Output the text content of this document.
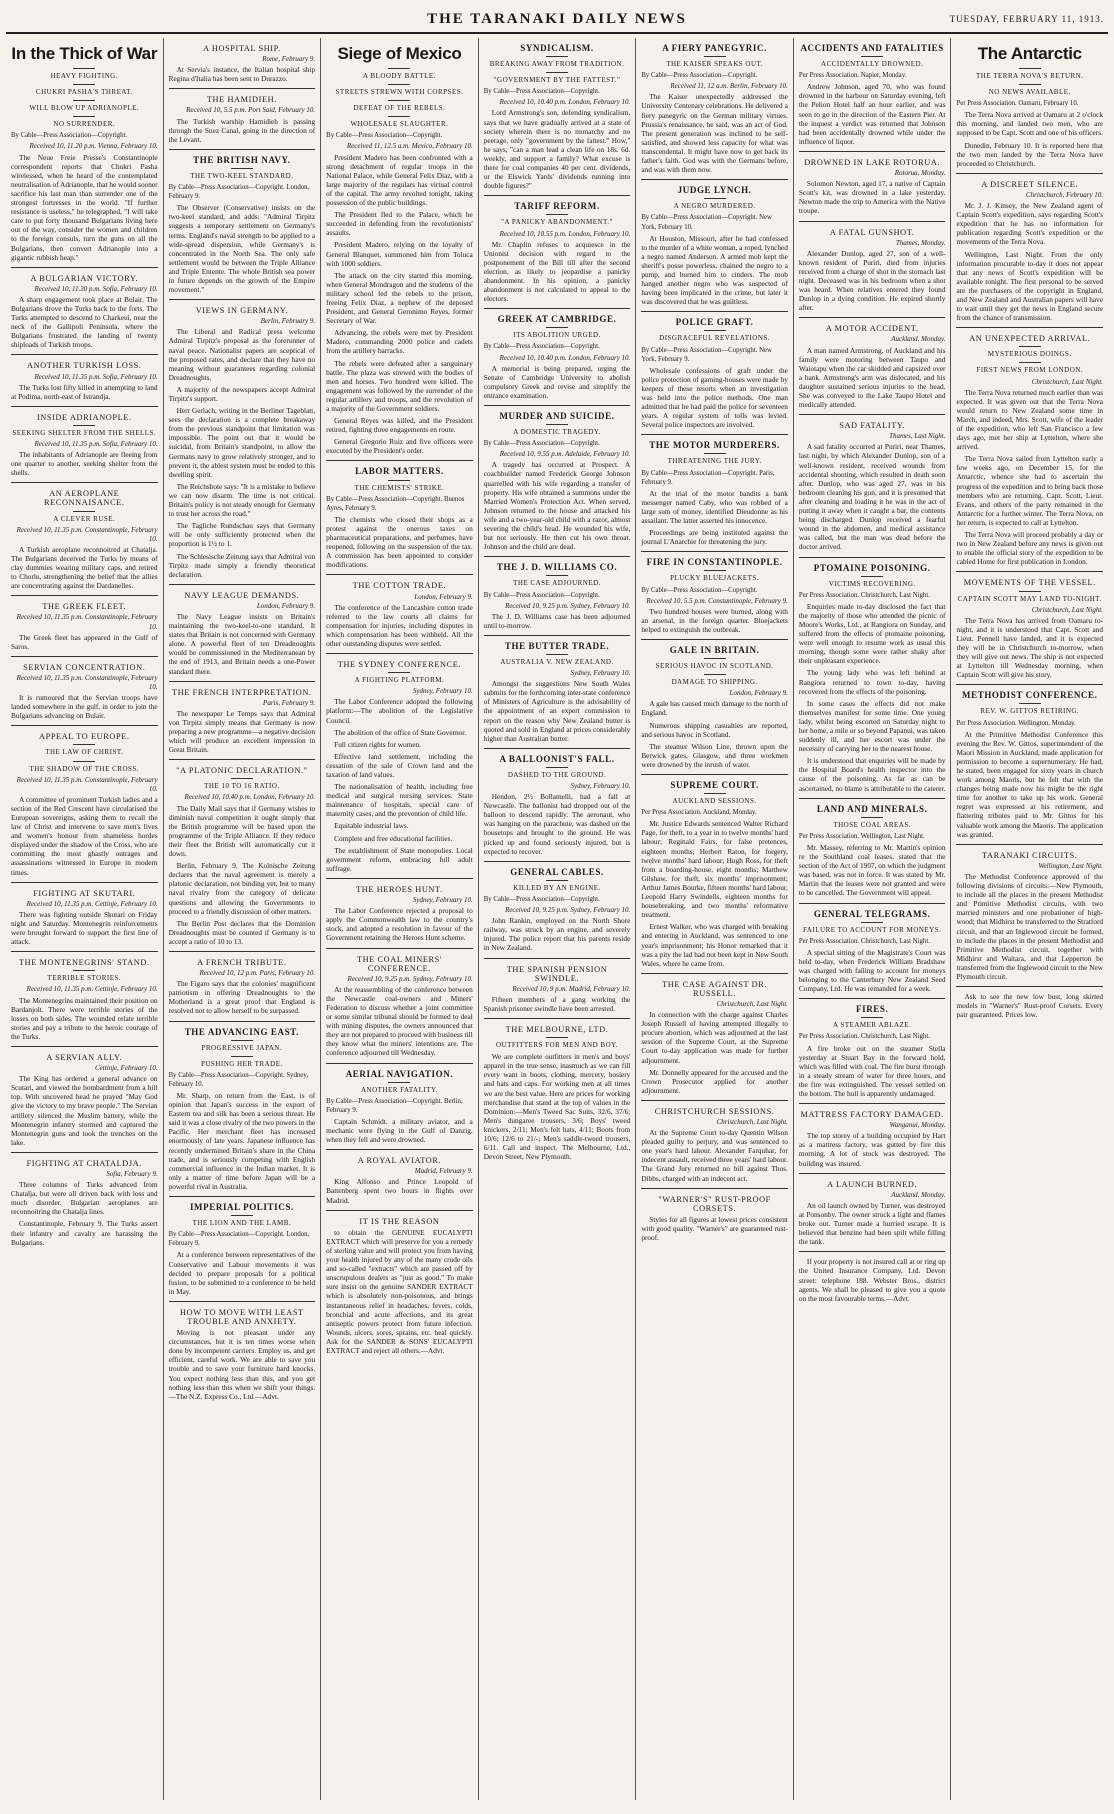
THE TARANAKI DAILY NEWS	TUESDAY, FEBRUARY 11, 1913.
In the Thick of War
HEAVY FIGHTING.
CHUKRI PASHA'S THREAT.
WILL BLOW UP ADRIANOPLE.
NO SURRENDER.
By Cable—Press Association—Copyright.
Received 10, 11.20 p.m. Vienna, February 10.

The Neue Freie Presse's Constantinople correspondent reports that Chukri Pasha wirelessed, when he heard of the contemplated neutralisation of Adrianople, that he would sooner sacrifice his last man than surrender one of the strongest fortresses in the world. "If further resistance is useless," he telegraphed, "I will take care to put forty thousand Bulgarians living here out of the way, consider the women and children to the foreign consuls, turn the guns on all the Bulgarians, then convert Adrianople into a gigantic rubbish heap."

A BULGARIAN VICTORY.
Received 10, 11.30 p.m. Sofia, February 10.

A sharp engagement took place at Bulair. The Bulgarians drove the Turks back to the forts. The Turks attempted to descend to Charkeui, near the neck of the Gallipoli Peninsula, where the Bulgarians frustrated the landing of twenty shiploads of Turkish troops.

ANOTHER TURKISH LOSS.
Received 10, 11.35 p.m. Sofia, February 10.

The Turks lost fifty killed in attempting to land at Podima, north-east of Istrandja.

INSIDE ADRIANOPLE.
SEEKING SHELTER FROM THE SHELLS.
Received 10, 11.35 p.m. Sofia, February 10.

The inhabitants of Adrianople are fleeing from one quarter to another, seeking shelter from the shells.

AN AEROPLANE RECONNAISANCE.
A CLEVER RUSE.
Received 10, 11.35 p.m. Constantinople, February 10.

A Turkish aeroplane reconnoitred at Chatalja. The Bulgarians deceived the Turks by means of clay dummies wearing military caps, and retired to Chorlu, strengthening the belief that the allies are concentrating against the Dardanelles.

THE GREEK FLEET.
Received 10, 11.35 p.m. Constantinople, February 10.

The Greek fleet has appeared in the Gulf of Saros.

SERVIAN CONCENTRATION.
Received 10, 11.35 p.m. Constantinople, February 10.

It is rumoured that the Servian troops have landed somewhere in the gulf, in order to join the Bulgarians advancing on Bulair.

APPEAL TO EUROPE.
THE LAW OF CHRIST.
THE SHADOW OF THE CROSS.
Received 10, 11.35 p.m. Constantinople, February 10.

A committee of prominent Turkish ladies and a section of the Red Crescent have circularised the European sovereigns, asking them to recall the law of Christ and intervene to save men's lives and women's honour from shameless hordes displayed under the shadow of the Cross, who are committing the most ghastly outrages and assassinations witnessed in Europe in modern times.

FIGHTING AT SKUTARI.
Received 10, 11.35 p.m. Cettinje, February 10.

There was fighting outside Skutari on Friday night and Saturday. Montenegrin reinforcements were brought forward to support the first line of attack.

THE MONTENEGRINS' STAND.
TERRIBLE STORIES.
Received 10, 11.35 p.m. Cettinje, February 10.

The Montenegrins maintained their position on Bardanjolt. There were terrible stories of the losses on both sides. The wounded relate terrible stories and pay a tribute to the heroic courage of the Turks.

A SERVIAN ALLY.
Cettinje, February 10.

The King has ordered a general advance on Scutari, and viewed the bombardment from a hill top. With uncovered head he prayed "May God give the victory to my brave people." The Servian artillery silenced the Muslim battery, while the Montenegrin infantry stormed and captured the Montenegrin guns and took the trenches on the lake.

FIGHTING AT CHATALDJA.
Sofia, February 9.

Three columns of Turks advanced from Chatalja, but were all driven back with loss and much disorder. Bulgarian aeroplanes are reconnoitring the Chatalja lines.

Constantinople, February 9. The Turks assert their infantry and cavalry are harassing the Bulgarians.

A HOSPITAL SHIP.
Rome, February 9.

At Servia's instance, the Italian hospital ship Regina d'Italia has been sent to Durazzo.

THE HAMIDIEH.
Received 10, 5.5 p.m. Port Said, February 10.

The Turkish warship Hamidieh is passing through the Suez Canal, going in the direction of the Levant.

THE BRITISH NAVY.
THE TWO-KEEL STANDARD.
By Cable—Press Association—Copyright. London, February 9.

The Observer (Conservative) insists on the two-keel standard, and adds: "Admiral Tirpitz suggests a temporary settlement on Germany's terms. England's naval strength to be applied to a wide-spread dispersion, while Germany's is concentrated in the North Sea. The only safe settlement would be between the Triple Alliance and Triple Entente. The whole British sea power in future depends on the growth of the Empire movement."

VIEWS IN GERMANY.
Berlin, February 9.

The Liberal and Radical press welcome Admiral Tirpitz's proposal as the forerunner of naval peace. Nationalist papers are sceptical of the proposed rates, and declare that they have no meaning without guarantees regarding colonial Dreadnoughts.

A majority of the newspapers accept Admiral Tirpitz's support.

Herr Gerlach, writing in the Berliner Tageblatt, sees the declaration is a complete breakaway from the previous standpoint that limitation was impossible. The point out that it would be suicidal, from Britain's standpoint, to allow the Germans navy to grow relatively stronger, and to prevent it, the ablest system must be ended to this dwelling spirit.

The Reichsbote says: "It is a mistake to believe we can now disarm. The time is not critical. Britain's policy is not steady enough for Germany to trust her across the road."

The Tagliche Rundschau says that Germany will be only sufficiently protected when the proportion is 1½ to 1.

The Schlesische Zeitung says that Admiral von Tirpitz made simply a friendly theoretical declaration.

NAVY LEAGUE DEMANDS.
London, February 9.

The Navy League insists on Britain's maintaining the two-keel-to-one standard. It states that Britain is not concerned with Germany alone. A powerful fleet of ten Dreadnoughts would be commissioned in the Mediterranean by the end of 1913, and Britain needs a one-Power standard there.

THE FRENCH INTERPRETATION.
Paris, February 9.

The newspaper Le Temps says that Admiral von Tirpitz simply means that Germany is now preparing a new programme—a negative decision which will produce an excellent impression in Great Britain.

"A PLATONIC DECLARATION."
THE 10 TO 16 RATIO.
Received 10, 10.40 p.m. London, February 10.

The Daily Mail says that if Germany wishes to diminish naval competition it ought simply that the British programme will be based upon the programme of the Triple Alliance. If they reduce their fleet the British will automatically cut it down.

Berlin, February 9. The Kolnische Zeitung declares that the naval agreement is merely a platonic declaration, not binding yet, but to many naval rivalry from the category of delicate questions and allowing the Governments to proceed to a friendly discussion of other matters.

The Berlin Post declares that the Dominion Dreadnoughts must be counted if Germany is to accept a ratio of 10 to 13.

A FRENCH TRIBUTE.
Received 10, 12 p.m. Paris, February 10.

The Figaro says that the colonies' magnificent patriotism in offering Dreadnoughts to the Motherland is a great proof that England is resolved not to allow herself to be surpassed.

THE ADVANCING EAST.
PROGRESSIVE JAPAN.
PUSHING HER TRADE.
By Cable—Press Association—Copyright. Sydney, February 10.

Mr. Sharp, on return from the East, is of opinion that Japan's success in the export of Eastern tea and silk has been a serious threat. He said it was a close rivalry of the two powers in the Pacific. Her merchant fleet has increased enormously of late years. Japanese influence has recently undermined Britain's share in the China trade, and is seriously competing with English commercial influence in the Indian market. It is only a matter of time before Japan will be a powerful rival in Australia.

IMPERIAL POLITICS.
THE LION AND THE LAMB.
By Cable—Press Association—Copyright. London, February 9.

At a conference between representatives of the Conservative and Labour movements it was decided to prepare proposals for a political fusion, to be submitted to a conference to be held in May.

HOW TO MOVE WITH LEAST TROUBLE AND ANXIETY.

Moving is not pleasant under any circumstances, but it is ten times worse when done by incompetent carriers. Employ us, and get efficient, careful work. We are able to save you trouble and to save your furniture hard knocks. You expect nothing less than this, and you get nothing less than this when we shift your things.—The N.Z. Express Co., Ltd.—Advt.

Siege of Mexico
A BLOODY BATTLE.
STREETS STREWN WITH CORPSES.
DEFEAT OF THE REBELS.
WHOLESALE SLAUGHTER.
By Cable—Press Association—Copyright.
Received 11, 12.5 a.m. Mexico, February 10.

President Madero has been confronted with a strong detachment of regular troops in the National Palace, while General Felix Diaz, with a large majority of the regulars has virtual control of the capital. The army revolted tonight, taking possession of the public buildings.

The President fled to the Palace, which he succeeded in defending from the revolutionists' assaults.

President Madero, relying on the loyalty of General Blanquet, summoned him from Toluca with 1000 soldiers.

The attack on the city started this morning, when General Mondragon and the students of the military school led the rebels to the prison, freeing Felix Diaz, a nephew of the deposed President, and General Geronimo Reyes, former Secretary of War.

Advancing, the rebels were met by President Madero, commanding 2000 police and cadets from the artillery barracks.

The rebels were defeated after a sanguinary battle. The plaza was strewed with the bodies of men and horses. Two hundred were killed. The engagement was followed by the surrender of the regular artillery and troops, and the revolution of a majority of the Government soldiers.

General Reyes was killed, and the President retired, fighting three engagements en route.

General Gregorio Ruiz and five officers were executed by the President's order.

LABOR MATTERS.
THE CHEMISTS' STRIKE.
By Cable—Press Association—Copyright. Buenos Ayres, February 9.

The chemists who closed their shops as a protest against the onerous taxes on pharmaceutical preparations, and perfumes, have reopened, following on the suspension of the tax. A commission has been appointed to consider modifications.

THE COTTON TRADE.
London, February 9.

The conference of the Lancashire cotton trade referred to the law courts all claims for compensation for injuries, including disputes in which compensation has been withheld. All the other outstanding disputes were settled.

THE SYDNEY CONFERENCE.
A FIGHTING PLATFORM.
Sydney, February 10.

The Labor Conference adopted the following platform:—The abolition of the Legislative Council.

The abolition of the office of State Governor.

Full citizen rights for women.

Effective land settlement, including the cessation of the sale of Crown land and the taxation of land values.

The nationalisation of health, including free medical and surgical nursing services. State maintenance of hospitals, special care of maternity cases, and the prevention of child life.

Equitable industrial laws.

Complete and free educational facilities.

The establishment of State monopolies. Local government reform, embracing full adult suffrage.

THE HEROES HUNT.
Sydney, February 10.

The Labor Conference rejected a proposal to apply the Commonwealth law to the country's stock, and adopted a resolution in favour of the Government retaining the Heroes Hunt scheme.

THE COAL MINERS' CONFERENCE.
Received 10, 9.25 p.m. Sydney, February 10.

At the reassembling of the conference between the Newcastle coal-owners and Miners' Federation to discuss whether a joint committee or some similar tribunal should be formed to deal with mining disputes, the owners announced that they are not prepared to proceed with business till they know what the miners' intentions are. The conference adjourned till Wednesday.

AERIAL NAVIGATION.
ANOTHER FATALITY.
By Cable—Press Association—Copyright. Berlin, February 9.

Captain Schmidt, a military aviator, and a mechanic were flying in the Gulf of Danzig, when they fell and were drowned.

A ROYAL AVIATOR.
Madrid, February 9.

King Alfonso and Prince Leopold of Battenberg spent two hours in flights over Madrid.

IT IS THE REASON

to obtain the GENUINE EUCALYPTI EXTRACT which will preserve for you a remedy of sterling value and will protect you from having your health injured by any of the many crude oils and so-called "extracts" which are passed off by unscrupulous dealers as "just as good." To make sure insist on the genuine SANDER EXTRACT which is absolutely non-poisonous, and brings instantaneous relief in headaches, fevers, colds, bronchial and acute affections, and its great antiseptic powers protect from future infection. Wounds, ulcers, sores, sprains, etc. heal quickly. Ask for the SANDER & SONS' EUCALYPTI EXTRACT and reject all others.—Advt.

SYNDICALISM.
BREAKING AWAY FROM TRADITION.
"GOVERNMENT BY THE FATTEST."
By Cable—Press Association—Copyright.
Received 10, 10.40 p.m. London, February 10.

Lord Armstrong's son, defending syndicalism, says that we have gradually arrived at a state of society wherein there is no monarchy and no peerage, only "government by the fattest." How," he says, "can a man lead a clean life on 18s. 6d. weekly, and support a family? What excuse is there for coal companies 40 per cent. dividends, or the Elswick Yards' dividends running into double figures?"

TARIFF REFORM.
"A PANICKY ABANDONMENT."
Received 10, 10.55 p.m. London, February 10.

Mr. Chaplin refuses to acquiesce in the Unionist decision with regard to the postponement of the Bill till after the second election, as likely to jeopardise a panicky abandonment. In his opinion, a panicky abandonment is not calculated to appeal to the electors.

GREEK AT CAMBRIDGE.
ITS ABOLITION URGED.
By Cable—Press Association—Copyright.
Received 10, 10.40 p.m. London, February 10.

A memorial is being prepared, urging the Senate of Cambridge University to abolish compulsory Greek and revise and simplify the entrance examination.

MURDER AND SUICIDE.
A DOMESTIC TRAGEDY.
By Cable—Press Association—Copyright.
Received 10, 9.55 p.m. Adelaide, February 10.

A tragedy has occurred at Prospect. A coachbuilder named Frederick George Johnson quarrelled with his wife regarding a transfer of property. His wife obtained a summons under the Married Women's Protection Act. When served, Johnson returned to the house and attacked his wife and a two-year-old child with a razor, almost severing the child's head. He wounded his wife, but not seriously. He then cut his own throat. Johnson and the child are dead.

THE J. D. WILLIAMS CO.
THE CASE ADJOURNED.
By Cable—Press Association—Copyright.
Received 10, 9.25 p.m. Sydney, February 10.

The J. D. Williams case has been adjourned until to-morrow.

THE BUTTER TRADE.
AUSTRALIA V. NEW ZEALAND.
Sydney, February 10.

Amongst the suggestions New South Wales submits for the forthcoming inter-state conference of Ministers of Agriculture is the advisability of the appointment of an expert commission to report on the reason why New Zealand butter is quoted and sold in England at prices considerably higher than Australian butter.

A BALLOONIST'S FALL.
DASHED TO THE GROUND.
Sydney, February 10.

Hendon, 2½ Bollamelli, had a fall at Newcastle. The ballonist had dropped out of the balloon to descend rapidly. The aeronaut, who was hanging on the parachute, was dashed on the housetops and brought to the ground. He was picked up and found seriously injured, but is expected to recover.

GENERAL CABLES.
KILLED BY AN ENGINE.
By Cable—Press Association—Copyright.
Received 10, 9.25 p.m. Sydney, February 10.

John Rankin, employed on the North Shore railway, was struck by an engine, and severely injured. The police report that his parents reside in New Zealand.

THE SPANISH PENSION SWINDLE.
Received 10, 9 p.m. Madrid, February 10.

Fifteen members of a gang working the Spanish prisoner swindle have been arrested.

THE MELBOURNE, LTD.
OUTFITTERS FOR MEN AND BOY.

We are complete outfitters in men's and boys' apparel in the true sense, inasmuch as we can fill every want in boots, clothing, mercery, hosiery and hats and caps. For working men at all times we are the best value. Here are prices for working merchandise that stand at the top of values in the Dominion:—Men's Tweed Sac Suits, 32/6, 37/6; Men's dungaree trousers, 3/6; Boys' tweed knickers, 2/11; Men's felt hats, 4/11; Boots from 10/6; 12/6 to 21/-; Men's saddle-tweed trousers, 6/11. Call and inspect. The Melbourne, Ltd., Devon Street, New Plymouth.

A FIERY PANEGYRIC.
THE KAISER SPEAKS OUT.
By Cable—Press Association—Copyright.
Received 11, 12 a.m. Berlin, February 10.

The Kaiser unexpectedly addressed the University Centenary celebrations. He delivered a fiery panegyric on the German military virtues. Prussia's renaissance, he said, was an act of God. The present generation was inclined to be self-satisfied, and showed less capacity for what was transcendental. It might have now to get back its father's faith. God was with the Germans before, and was with them now.

JUDGE LYNCH.
A NEGRO MURDERED.
By Cable—Press Association—Copyright. New York, February 10.

At Houston, Missouri, after he had confessed to the murder of a white woman, a roped, lynched a negro named Anderson. A armed mob kept the sheriff's posse powerless, chained the negro to a pump, and burned him to cinders. The mob hanged another negro who was suspected of having been implicated in the crime, but later it was discovered that he was guiltless.

POLICE GRAFT.
DISGRACEFUL REVELATIONS.
By Cable—Press Association—Copyright. New York, February 9.

Wholesale confessions of graft under the police protection of gaming-houses were made by keepers of these resorts when an investigation was held into the police methods. One man admitted that he had paid the police for seventeen years. A regular system of tolls was levied. Several police inspectors are involved.

THE MOTOR MURDERERS.
THREATENING THE JURY.
By Cable—Press Association—Copyright. Paris, February 9.

At the trial of the motor bandits a bank messenger named Caby, who was robbed of a large sum of money, identified Dieudonne as his assailant. The latter asserted his innocence.

Proceedings are being instituted against the journal L'Anarchie for threatening the jury.

FIRE IN CONSTANTINOPLE.
PLUCKY BLUEJACKETS.
By Cable—Press Association—Copyright.
Received 10, 5.5 p.m. Constantinople, February 9.

Two hundred houses were burned, along with an arsenal, in the foreign quarter. Bluejackets helped to extinguish the outbreak.

GALE IN BRITAIN.
SERIOUS HAVOC IN SCOTLAND.
DAMAGE TO SHIPPING.
London, February 9.

A gale has caused much damage to the north of England.

Numerous shipping casualties are reported, and serious havoc in Scotland.

The steamer Wilson Line, thrown upon the Berwick gates, Glasgow, and three workmen were drowned by the inrush of water.

SUPREME COURT.
AUCKLAND SESSIONS.
Per Press Association. Auckland, Monday.

Mr. Justice Edwards sentenced Walter Richard Page, for theft, to a year in to twelve months' hard labour; Reginald Fairs, for false pretences, eighteen months; Herbert Raton, for forgery, twelve months' hard labour; Hugh Ross, for theft from a boarding-house, eight months; Matthew Gilshaw, for theft, six months' imprisonment; Arthur James Bourke, fifteen months' hard labour, Leopold Harry Swindells, eighteen months for housebreaking, and two months' reformative treatment.

Ernest Walker, who was charged with breaking and entering in Auckland, was sentenced to one year's imprisonment; his Honor remarked that it was a pity the lad had not been kept in New South Wales, where he came from.

THE CASE AGAINST DR. RUSSELL.
Christchurch, Last Night.

In connection with the charge against Charles Joseph Russell of having attempted illegally to procure abortion, which was adjourned at the last session of the Supreme Court, at the Supreme Court to-day application was made for further adjournment.

Mr. Donnelly appeared for the accused and the Crown Prosecutor applied for another adjournment.

CHRISTCHURCH SESSIONS.
Christchurch, Last Night.

At the Supreme Court to-day Quentin Wilson pleaded guilty to perjury, and was sentenced to one year's hard labour. Alexander Farquhar, for indecent assault, received three years' hard labour. The Grand Jury returned no bill against Thos. Dibbs, charged with an indecent act.

"WARNER'S" RUST-PROOF CORSETS.

Styles for all figures at lowest prices consistent with good quality. "Warner's" are guaranteed rust-proof.

ACCIDENTS AND FATALITIES
ACCIDENTALLY DROWNED.
Per Press Association. Napier, Monday.

Andrew Johnson, aged 70, who was found drowned in the harbour on Saturday evening, left the Pelion Hotel half an hour earlier, and was seen to go in the direction of the Eastern Pier. At the inquest a verdict was returned that Johnson had been accidentally drowned while under the influence of liquor.

DROWNED IN LAKE ROTORUA.
Rotorua, Monday.

Solomon Newton, aged 17, a native of Captain Scott's kit, was drowned in a lake yesterday. Newton made the trip to America with the Native troupe.

A FATAL GUNSHOT.
Thames, Monday.

Alexander Dunlop, aged 27, son of a well-known resident of Puriri, died from injuries received from a charge of shot in the stomach last night. Deceased was in his bedroom when a shot was heard. When relatives entered they found Dunlop in a dying condition. He expired shortly after.

A MOTOR ACCIDENT.
Auckland, Monday.

A man named Armstrong, of Auckland and his family were motoring between Taupo and Waiotapu when the car skidded and capsized over a bank. Armstrong's arm was dislocated, and his daughter sustained serious injuries to the head. She was conveyed to the Lake Taupo Hotel and medically attended.

SAD FATALITY.
Thames, Last Night.

A sad fatality occurred at Puriri, near Thames, last night, by which Alexander Dunlop, son of a well-known resident, received wounds from accidental shooting, which resulted in death soon after. Dunlop, who was aged 27, was in his bedroom cleaning his gun, and it is presumed that after cleaning and loading it he was in the act of putting it away when it caught a bar, the contents being discharged. Dunlop received a fearful wound in the abdomen, and medical assistance was called, but the man was dead before the doctor arrived.

PTOMAINE POISONING.
VICTIMS RECOVERING.
Per Press Association. Christchurch, Last Night.

Enquiries made to-day disclosed the fact that the majority of those who attended the picnic of Moore's Works, Ltd., at Rangiora on Sunday, and suffered from the effects of ptomaine poisoning, were well enough to resume work as usual this morning, though some were rather shaky after their unpleasant experience.

The young lady who was left behind at Rangiora returned to town to-day, having recovered from the effects of the poisoning.

In some cases the effects did not make themselves manifest for some time. One young lady, whilst being escorted on Saturday night to her home, a mile or so beyond Papanui, was taken suddenly ill, and her escort was under the necessity of carrying her to the nearest house.

It is understood that enquiries will be made by the Hospital Board's health inspector into the cause of the poisoning. As far as can be ascertained, no blame is attributable to the caterer.

LAND AND MINERALS.
THOSE COAL AREAS.
Per Press Association. Wellington, Last Night.

Mr. Massey, referring to Mr. Martin's opinion re the Southland coal leases, stated that the section of the Act of 1907, on which the judgment was based, was not in force. It was stated by Mr. Martin that the leases were not granted and were to be cancelled. The Government will appeal.

GENERAL TELEGRAMS.
FAILURE TO ACCOUNT FOR MONEYS.
Per Press Association. Christchurch, Last Night.

A special sitting of the Magistrate's Court was held to-day, when Frederick William Bradshaw was charged with failing to account for moneys belonging to the Canterbury New Zealand Seed Company, Ltd. He was remanded for a week.

FIRES.
A STEAMER ABLAZE.
Per Press Association. Christchurch, Last Night.

A fire broke out on the steamer Stella yesterday at Stuart Bay in the forward hold, which was filled with coal. The fire burst through in a steady stream of water for three hours, and the fire was extinguished. The vessel settled on the bottom. The hull is apparently undamaged.

MATTRESS FACTORY DAMAGED.
Wanganui, Monday.

The top storey of a building occupied by Hart as a mattress factory, was gutted by fire this morning. A lot of stock was destroyed. The building was insured.

A LAUNCH BURNED.
Auckland, Monday.

An oil launch owned by Turner, was destroyed at Ponsonby. The owner struck a light and flames broke out. Turner made a hurried escape. It is believed that benzine had been spilt while filling the tank.

If your property is not insured call at or ring up the United Insurance Company, Ltd. Devon street: telephone 188. Webster Bros., district agents. We shall be pleased to give you a quote on the most favourable terms.—Advt.

The Antarctic
THE TERRA NOVA'S RETURN.
NO NEWS AVAILABLE.
Per Press Association. Oamaru, February 10.

The Terra Nova arrived at Oamaru at 2 o'clock this morning, and landed two men, who are supposed to be Capt. Scott and one of his officers.

Dunedin, February 10. It is reported here that the two men landed by the Terra Nova have proceeded to Christchurch.

A DISCREET SILENCE.
Christchurch, February 10.

Mr. J. J. Kinsey, the New Zealand agent of Captain Scott's expedition, says regarding Scott's expedition that he has no information for publication regarding Scott's expedition or the movements of the Terra Nova.

Wellington, Last Night. From the only information procurable to-day it does not appear that any news of Scott's expedition will be available tonight. The first personal to be served are the purchasers of the copyright in England, and New Zealand and Australian papers will have to wait until they get the news in England secure from the chance of transmission.

AN UNEXPECTED ARRIVAL.
MYSTERIOUS DOINGS.
FIRST NEWS FROM LONDON.
Christchurch, Last Night.

The Terra Nova returned much earlier than was expected. It was given out that the Terra Nova would return to New Zealand some time in March, and indeed, Mrs. Scott, wife of the leader of the expedition, who left San Francisco a few days ago, met her ship at Lyttelton, where she arrived.

The Terra Nova sailed from Lyttelton early a few weeks ago, on December 15, for the Antarctic, whence she had to ascertain the progress of the expedition and to bring back those members who are returning. Capt. Scott, Lieut. Evans, and others of the party remained in the Antarctic for a further winter. The Terra Nova, on her return, is expected to call at Lyttelton.

The Terra Nova will proceed probably a day or two in New Zealand before any news is given out to enable the official story of the expedition to be cabled Home for first publication in London.

MOVEMENTS OF THE VESSEL.
CAPTAIN SCOTT MAY LAND TO-NIGHT.
Christchurch, Last Night.

The Terra Nova has arrived from Oamaru to-night, and it is understood that Capt. Scott and Lieut. Pennell have landed, and it is expected they will be in Christchurch to-morrow, when they will give out news. The ship is not expected at Lyttelton till Wednesday morning, when Captain Scott will give his story.

METHODIST CONFERENCE.
REV. W. GITTOS RETIRING.
Per Press Association. Wellington, Monday.

At the Primitive Methodist Conference this evening the Rev. W. Gittos, superintendent of the Maori Mission in Auckland, made application for permission to become a supernumerary. He had, he stated, been engaged for sixty years in church work among Maoris, but he felt that with the changes being made now his might be the right time for another to take up his work. General regret was expressed at his retirement, and flattering tributes paid to Mr. Gittos for his valuable work among the Maoris. The application was granted.

TARANAKI CIRCUITS.
Wellington, Last Night.

The Methodist Conference approved of the following divisions of circuits:—New Plymouth, to include all the places in the present Methodist and Primitive Methodist circuits, with two married ministers and one probationer of high-wood; that Midhirst be transferred to the Stratford circuit, and that an Inglewood circuit be formed, to include the places in the present Methodist and Primitive Methodist circuit, together with Midhirst and Waitara, and that Lepperton be transferred from the Inglewood circuit to the New Plymouth circuit.

Ask to see the new low bust, long skirted models in "Warner's" Rust-proof Corsets. Every pair guaranteed. Prices low.
